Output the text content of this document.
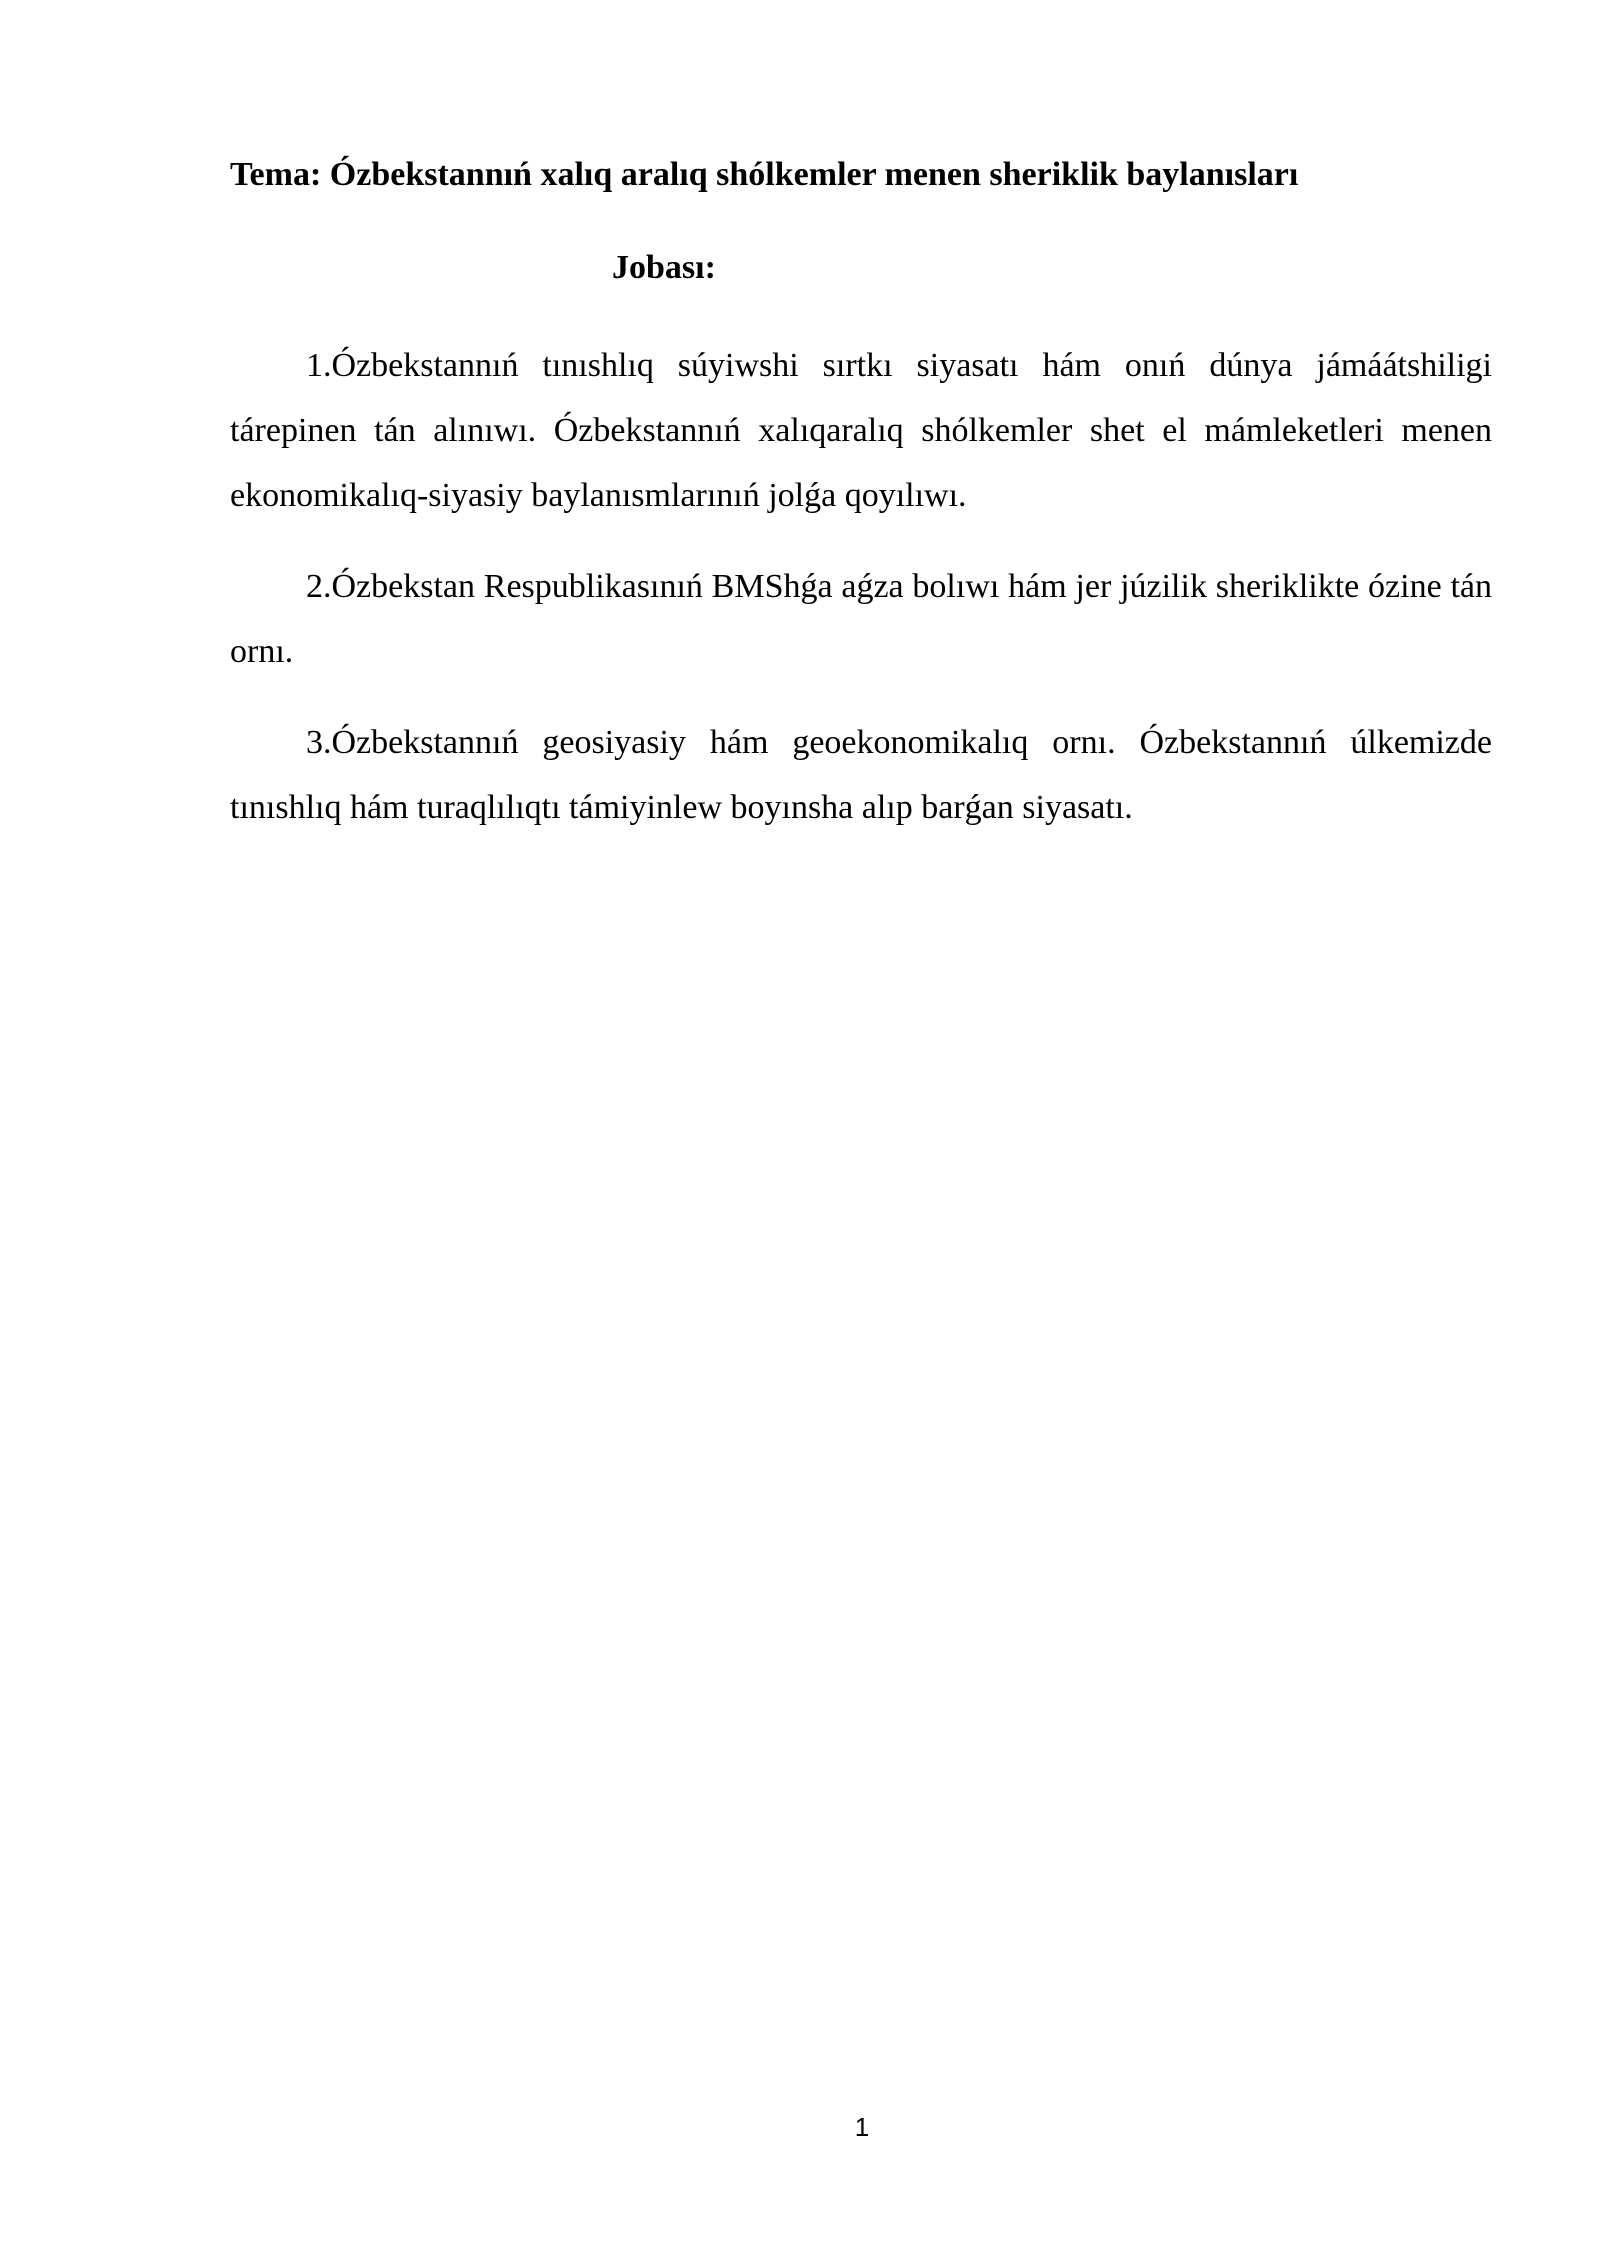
Tema: Ózbekstannıń xalıq aralıq shólkemler menen sheriklik baylanısları
Jobası:

1.Ózbekstannıń tınıshlıq súyiwshi sırtkı siyasatı hám onıń dúnya jámáátshiligi tárepinen tán alınıwı. Ózbekstannıń xalıqaralıq shólkemler shet el mámleketleri menen ekonomikalıq-siyasiy baylanısmlarınıń jolǵa qoyılıwı.

2.Ózbekstan Respublikasınıń BMShǵa aǵza bolıwı hám jer júzilik sheriklikte ózine tán ornı.

3.Ózbekstannıń geosiyasiy hám geoekonomikalıq ornı. Ózbekstannıń úlkemizde tınıshlıq hám turaqlılıqtı támiyinlew boyınsha alıp barǵan siyasatı.

1
